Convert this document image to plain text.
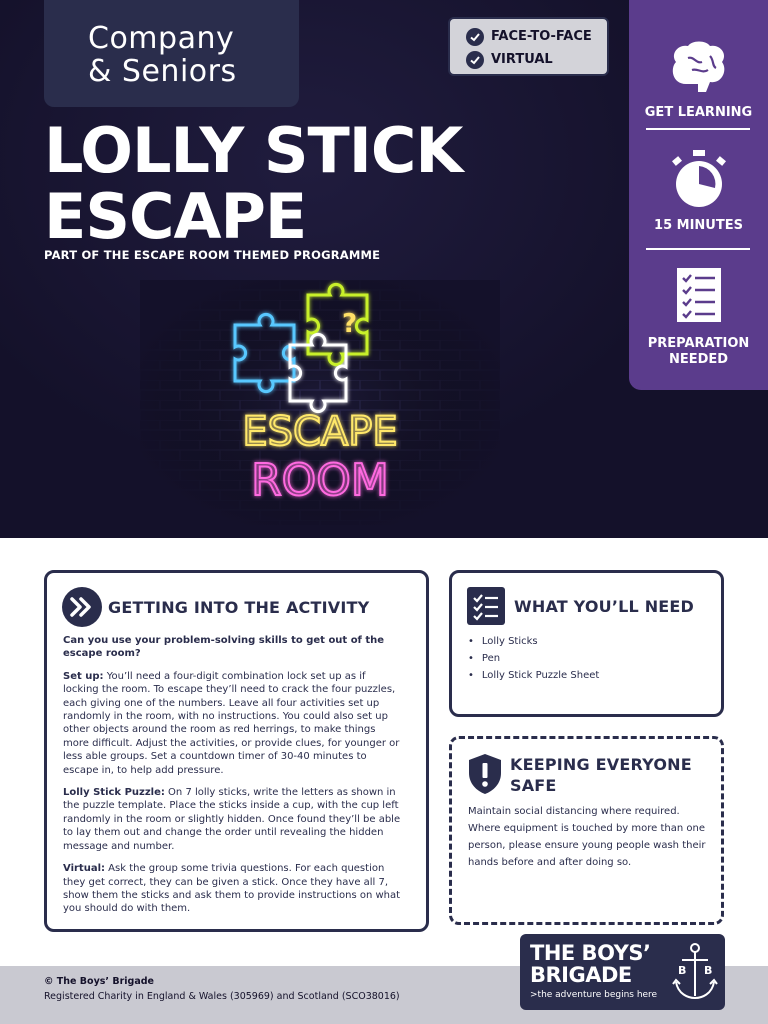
Company
& Seniors
FACE-TO-FACE
VIRTUAL
LOLLY STICK
ESCAPE
PART OF THE ESCAPE ROOM THEMED PROGRAMME
?
ESCAPE
ROOM
GET LEARNING
15 MINUTES
PREPARATION
NEEDED
GETTING INTO THE ACTIVITY

Can you use your problem-solving skills to get out of the escape room?

Set up: You’ll need a four-digit combination lock set up as if locking the room. To escape they’ll need to crack the four puzzles, each giving one of the numbers. Leave all four activities set up randomly in the room, with no instructions. You could also set up other objects around the room as red herrings, to make things more difficult. Adjust the activities, or provide clues, for younger or less able groups. Set a countdown timer of 30-40 minutes to escape in, to help add pressure.

Lolly Stick Puzzle: On 7 lolly sticks, write the letters as shown in the puzzle template. Place the sticks inside a cup, with the cup left randomly in the room or slightly hidden. Once found they’ll be able to lay them out and change the order until revealing the hidden message and number.

Virtual: Ask the group some trivia questions. For each question they get correct, they can be given a stick. Once they have all 7, show them the sticks and ask them to provide instructions on what you should do with them.

WHAT YOU’LL NEED
• Lolly Sticks
• Pen
• Lolly Stick Puzzle Sheet
KEEPING EVERYONE
SAFE
Maintain social distancing where required. Where equipment is touched by more than one person, please ensure young people wash their hands before and after doing so.
© The Boys’ Brigade
Registered Charity in England & Wales (305969) and Scotland (SCO38016)
THE BOYS’
BRIGADE
>the adventure begins here
B B
